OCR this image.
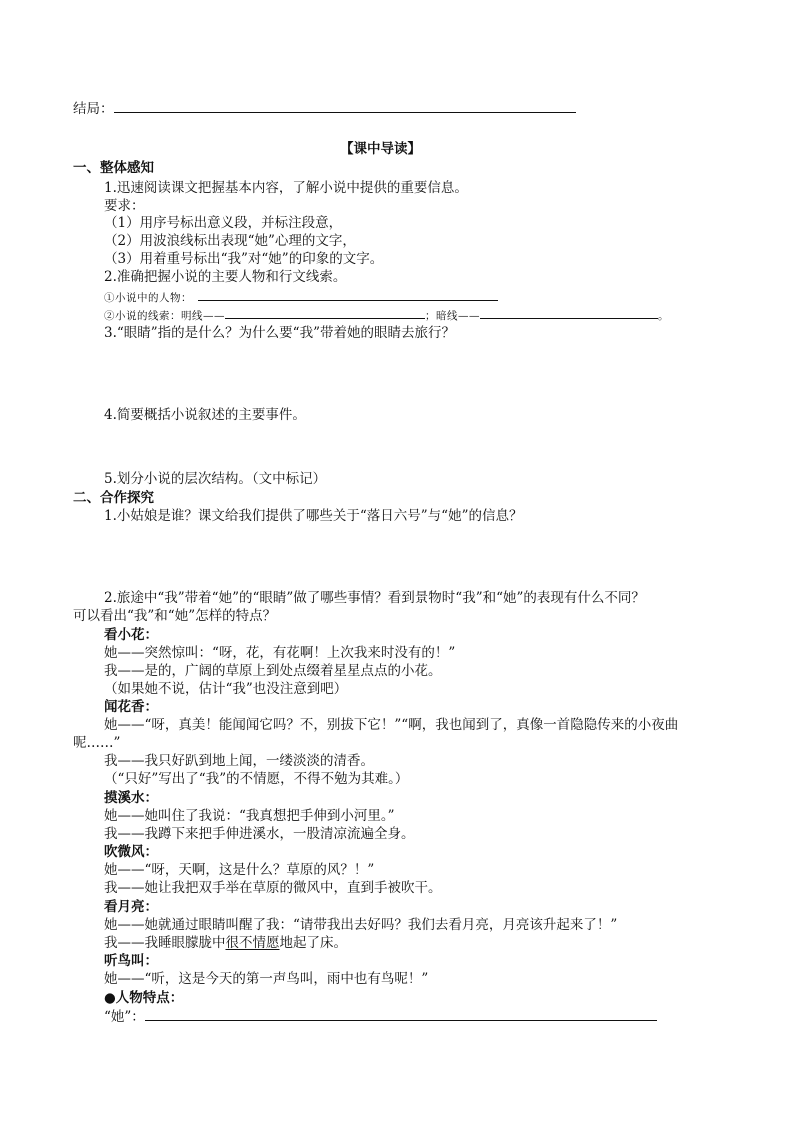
结局：
【课中导读】
一、整体感知
1.迅速阅读课文把握基本内容，了解小说中提供的重要信息。
要求：
（1）用序号标出意义段，并标注段意，
（2）用波浪线标出表现“她”心理的文字，
（3）用着重号标出“我”对“她”的印象的文字。
2.准确把握小说的主要人物和行文线索。
①小说中的人物：
②小说的线索：明线——	；暗线——	。
3.“眼睛”指的是什么？为什么要“我”带着她的眼睛去旅行？
4.简要概括小说叙述的主要事件。
5.划分小说的层次结构。（文中标记）
二、合作探究
1.小姑娘是谁？课文给我们提供了哪些关于“落日六号”与“她”的信息？
2.旅途中“我”带着“她”的“眼睛”做了哪些事情？看到景物时“我”和“她”的表现有什么不同？
可以看出“我”和“她”怎样的特点？
看小花：
她——突然惊叫：“呀，花，有花啊！上次我来时没有的！”
我——是的，广阔的草原上到处点缀着星星点点的小花。
（如果她不说，估计“我”也没注意到吧）
闻花香：
她——“呀，真美！能闻闻它吗？不，别拔下它！”“啊，我也闻到了，真像一首隐隐传来的小夜曲
呢……”
我——我只好趴到地上闻，一缕淡淡的清香。
（“只好”写出了“我”的不情愿，不得不勉为其难。）
摸溪水：
她——她叫住了我说：“我真想把手伸到小河里。”
我——我蹲下来把手伸进溪水，一股清凉流遍全身。
吹微风：
她——“呀，天啊，这是什么？草原的风？！”
我——她让我把双手举在草原的微风中，直到手被吹干。
看月亮：
她——她就通过眼睛叫醒了我：“请带我出去好吗？我们去看月亮，月亮该升起来了！”
我——我睡眼朦胧中很不情愿地起了床。
听鸟叫：
她——“听，这是今天的第一声鸟叫，雨中也有鸟呢！”
●人物特点：
“她”：
